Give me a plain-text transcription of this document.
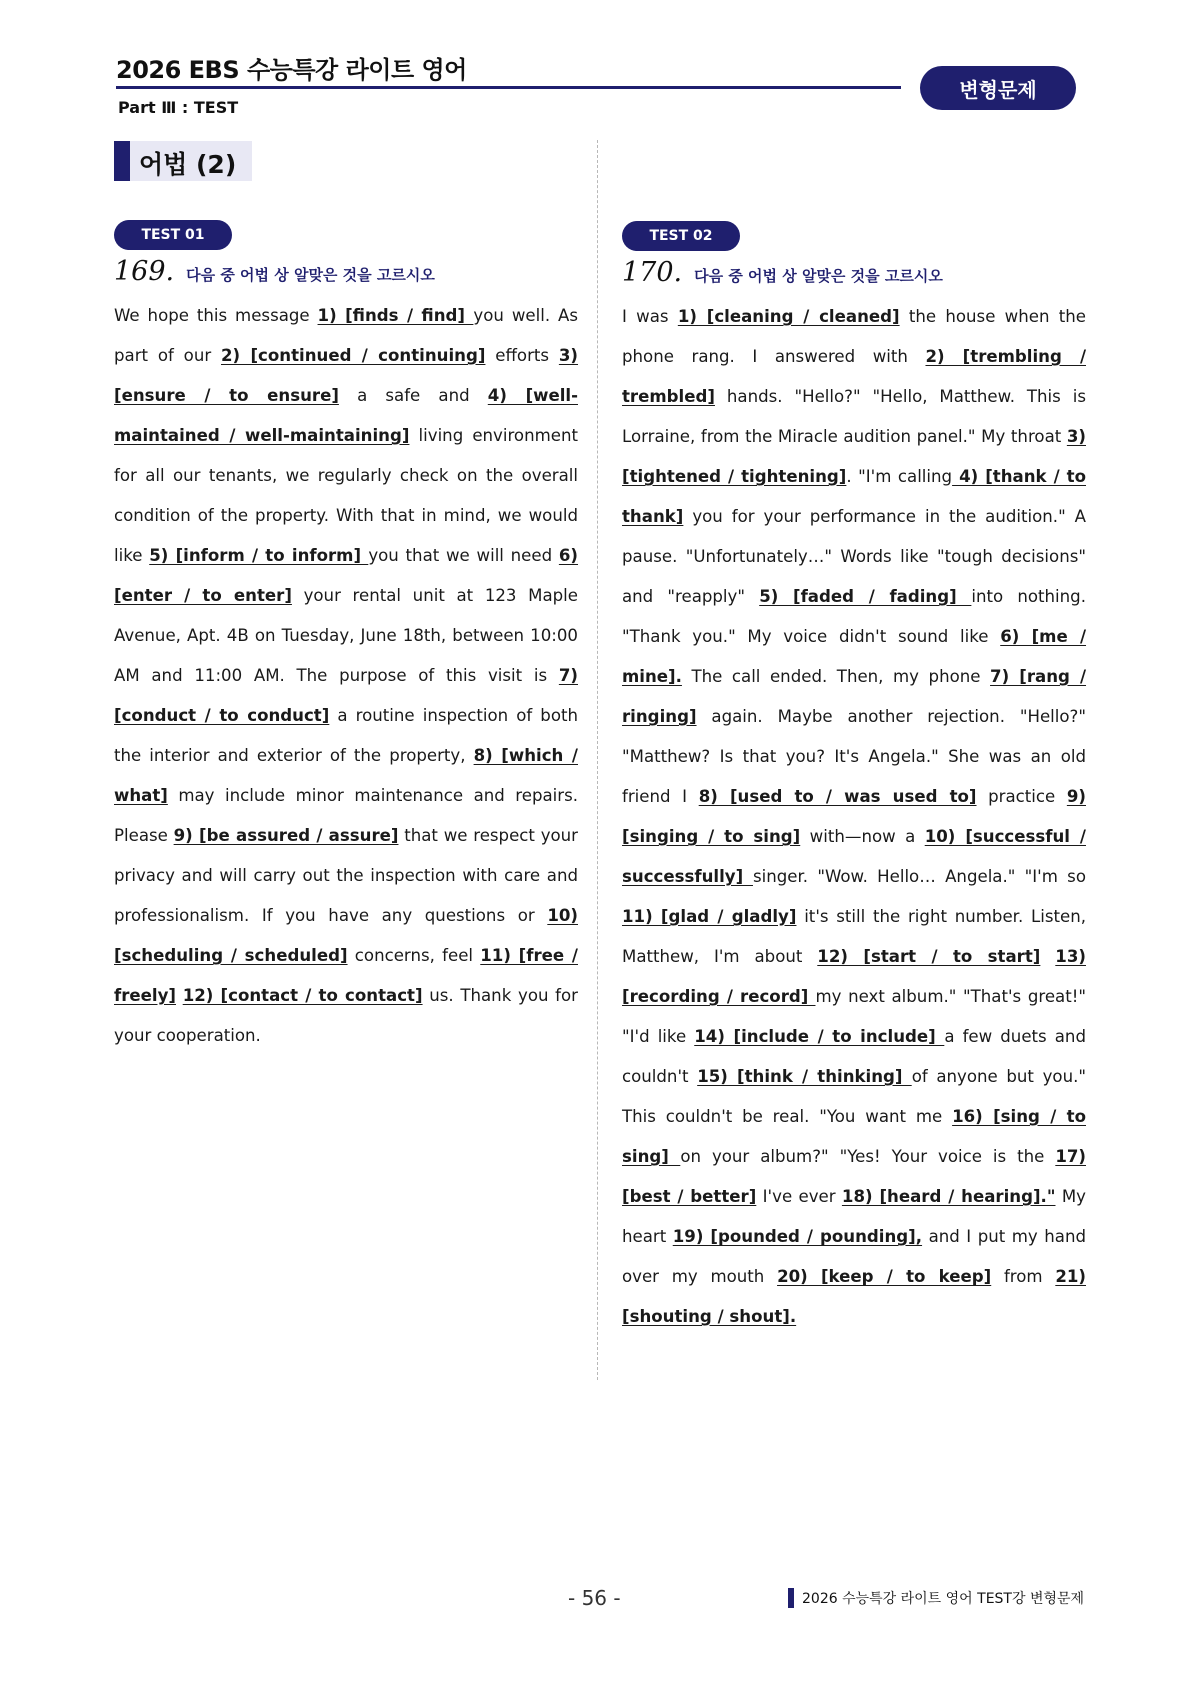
2026 EBS 수능특강 라이트 영어
Part Ⅲ : TEST
변형문제
어법 (2)
TEST 01
169. 다음 중 어법 상 알맞은 것을 고르시오

We hope this message 1) [finds / find] you well. As part of our 2) [continued / continuing] efforts 3) [ensure / to ensure] a safe and 4) [well-maintained / well-maintaining] living environment for all our tenants, we regularly check on the overall condition of the property. With that in mind, we would like 5) [inform / to inform] you that we will need 6) [enter / to enter] your rental unit at 123 Maple Avenue, Apt. 4B on Tuesday, June 18th, between 10:00 AM and 11:00 AM. The purpose of this visit is 7) [conduct / to conduct] a routine inspection of both the interior and exterior of the property, 8) [which / what] may include minor maintenance and repairs. Please 9) [be assured / assure] that we respect your privacy and will carry out the inspection with care and professionalism. If you have any questions or 10) [scheduling / scheduled] concerns, feel 11) [free / freely] 12) [contact / to contact] us. Thank you for your cooperation.

TEST 02
170. 다음 중 어법 상 알맞은 것을 고르시오

I was 1) [cleaning / cleaned] the house when the phone rang. I answered with 2) [trembling / trembled] hands. "Hello?" "Hello, Matthew. This is Lorraine, from the Miracle audition panel." My throat 3) [tightened / tightening]. "I'm calling 4) [thank / to thank] you for your performance in the audition." A pause. "Unfortunately…" Words like "tough decisions" and "reapply" 5) [faded / fading] into nothing. "Thank you." My voice didn't sound like 6) [me / mine]. The call ended. Then, my phone 7) [rang / ringing] again. Maybe another rejection. "Hello?" "Matthew? Is that you? It's Angela." She was an old friend I 8) [used to / was used to] practice 9) [singing / to sing] with—now a 10) [successful / successfully] singer. "Wow. Hello… Angela." "I'm so 11) [glad / gladly] it's still the right number. Listen, Matthew, I'm about 12) [start / to start] 13) [recording / record] my next album." "That's great!" "I'd like 14) [include / to include] a few duets and couldn't 15) [think / thinking] of anyone but you." This couldn't be real. "You want me 16) [sing / to sing] on your album?" "Yes! Your voice is the 17) [best / better] I've ever 18) [heard / hearing]." My heart 19) [pounded / pounding], and I put my hand over my mouth 20) [keep / to keep] from 21) [shouting / shout].

- 56 -	2026 수능특강 라이트 영어 TEST강 변형문제
